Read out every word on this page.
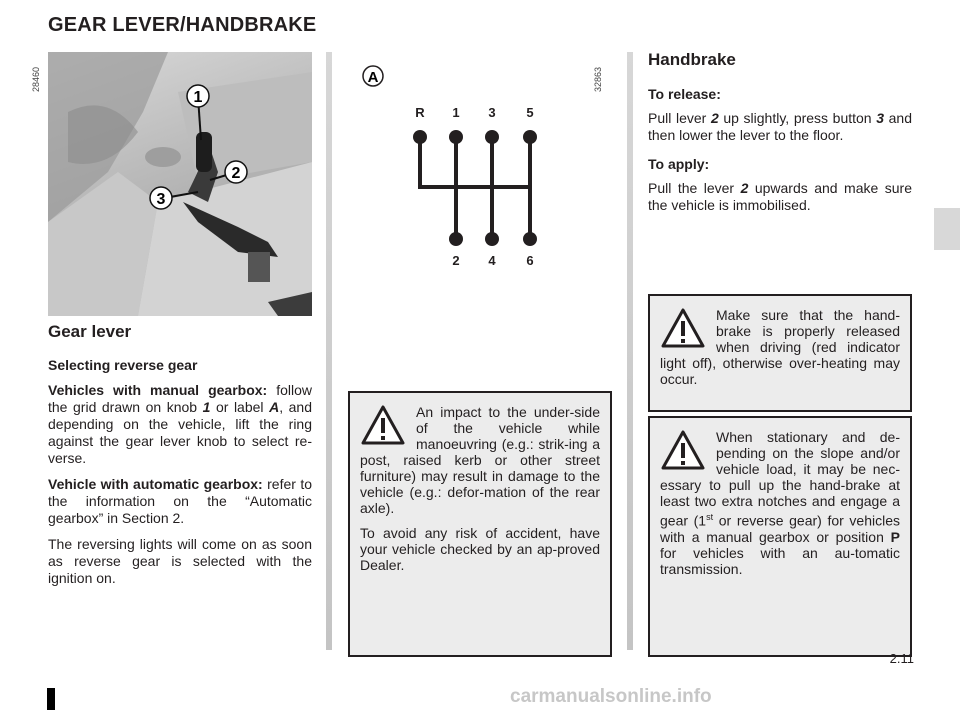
GEAR LEVER/HANDBRAKE
28460
1
2
3
32863
A
R 1 3 5
2 4 6
Gear lever

Selecting reverse gear

Vehicles with manual gearbox: follow the grid drawn on knob 1 or label A, and depending on the vehicle, lift the ring against the gear lever knob to select re-verse.

Vehicle with automatic gearbox: refer to the information on the “Automatic gearbox” in Section 2.

The reversing lights will come on as soon as reverse gear is selected with the ignition on.

An impact to the under-side of the vehicle while manoeuvring (e.g.: strik-ing a post, raised kerb or other street furniture) may result in damage to the vehicle (e.g.: defor-mation of the rear axle).

To avoid any risk of accident, have your vehicle checked by an ap-proved Dealer.

Handbrake

To release:

Pull lever 2 up slightly, press button 3 and then lower the lever to the floor.

To apply:

Pull the lever 2 upwards and make sure the vehicle is immobilised.

Make sure that the hand-brake is properly released when driving (red indicator light off), otherwise over-heating may occur.

When stationary and de-pending on the slope and/or vehicle load, it may be nec-essary to pull up the hand-brake at least two extra notches and engage a gear (1st or reverse gear) for vehicles with a manual gearbox or position P for vehicles with an au-tomatic transmission.

2.11
carmanualsonline.info
